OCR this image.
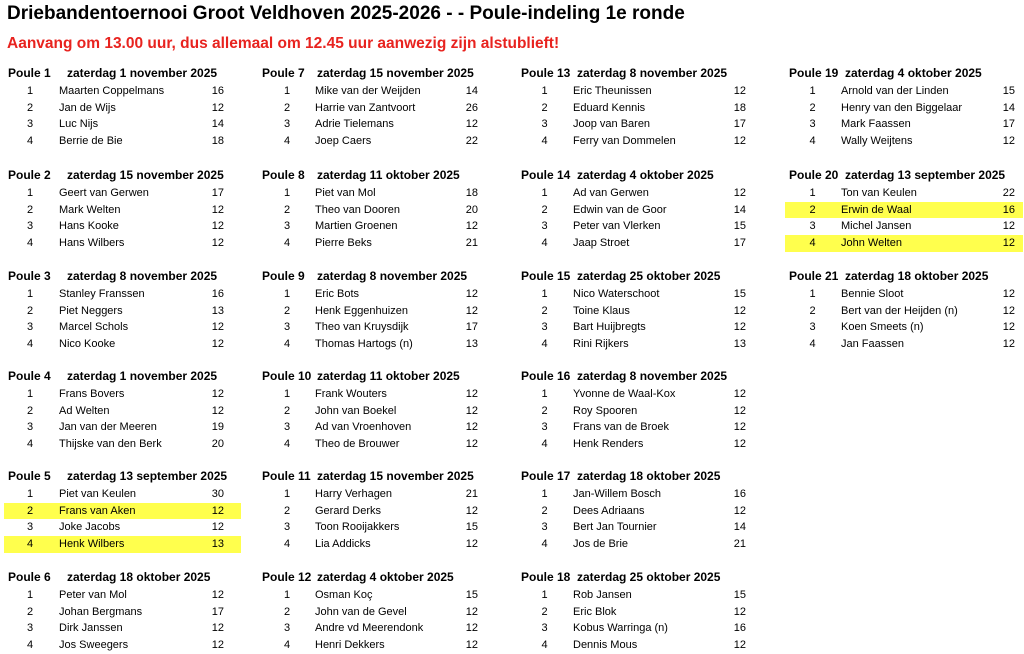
Driebandentoernooi Groot Veldhoven 2025-2026 - - Poule-indeling 1e ronde
Aanvang om 13.00 uur, dus allemaal om 12.45 uur aanwezig zijn alstublieft!
Poule 1 zaterdag 1 november 2025
1	Maarten Coppelmans	16
2	Jan de Wijs	12
3	Luc Nijs	14
4	Berrie de Bie	18
Poule 2 zaterdag 15 november 2025
1	Geert van Gerwen	17
2	Mark Welten	12
3	Hans Kooke	12
4	Hans Wilbers	12
Poule 3 zaterdag 8 november 2025
1	Stanley Franssen	16
2	Piet Neggers	13
3	Marcel Schols	12
4	Nico Kooke	12
Poule 4 zaterdag 1 november 2025
1	Frans Bovers	12
2	Ad Welten	12
3	Jan van der Meeren	19
4	Thijske van den Berk	20
Poule 5 zaterdag 13 september 2025
1	Piet van Keulen	30
2	Frans van Aken	12
3	Joke Jacobs	12
4	Henk Wilbers	13
Poule 6 zaterdag 18 oktober 2025
1	Peter van Mol	12
2	Johan Bergmans	17
3	Dirk Janssen	12
4	Jos Sweegers	12
Poule 7 zaterdag 15 november 2025
1	Mike van der Weijden	14
2	Harrie van Zantvoort	26
3	Adrie Tielemans	12
4	Joep Caers	22
Poule 8 zaterdag 11 oktober 2025
1	Piet van Mol	18
2	Theo van Dooren	20
3	Martien Groenen	12
4	Pierre Beks	21
Poule 9 zaterdag 8 november 2025
1	Eric Bots	12
2	Henk Eggenhuizen	12
3	Theo van Kruysdijk	17
4	Thomas Hartogs (n)	13
Poule 10 zaterdag 11 oktober 2025
1	Frank Wouters	12
2	John van Boekel	12
3	Ad van Vroenhoven	12
4	Theo de Brouwer	12
Poule 11 zaterdag 15 november 2025
1	Harry Verhagen	21
2	Gerard Derks	12
3	Toon Rooijakkers	15
4	Lia Addicks	12
Poule 12 zaterdag 4 oktober 2025
1	Osman Koç	15
2	John van de Gevel	12
3	Andre vd Meerendonk	12
4	Henri Dekkers	12
Poule 13 zaterdag 8 november 2025
1	Eric Theunissen	12
2	Eduard Kennis	18
3	Joop van Baren	17
4	Ferry van Dommelen	12
Poule 14 zaterdag 4 oktober 2025
1	Ad van Gerwen	12
2	Edwin van de Goor	14
3	Peter van Vlerken	15
4	Jaap Stroet	17
Poule 15 zaterdag 25 oktober 2025
1	Nico Waterschoot	15
2	Toine Klaus	12
3	Bart Huijbregts	12
4	Rini Rijkers	13
Poule 16 zaterdag 8 november 2025
1	Yvonne de Waal-Kox	12
2	Roy Spooren	12
3	Frans van de Broek	12
4	Henk Renders	12
Poule 17 zaterdag 18 oktober 2025
1	Jan-Willem Bosch	16
2	Dees Adriaans	12
3	Bert Jan Tournier	14
4	Jos de Brie	21
Poule 18 zaterdag 25 oktober 2025
1	Rob Jansen	15
2	Eric Blok	12
3	Kobus Warringa (n)	16
4	Dennis Mous	12
Poule 19 zaterdag 4 oktober 2025
1	Arnold van der Linden	15
2	Henry van den Biggelaar	14
3	Mark Faassen	17
4	Wally Weijtens	12
Poule 20 zaterdag 13 september 2025
1	Ton van Keulen	22
2	Erwin de Waal	16
3	Michel Jansen	12
4	John Welten	12
Poule 21 zaterdag 18 oktober 2025
1	Bennie Sloot	12
2	Bert van der Heijden (n)	12
3	Koen Smeets (n)	12
4	Jan Faassen	12
